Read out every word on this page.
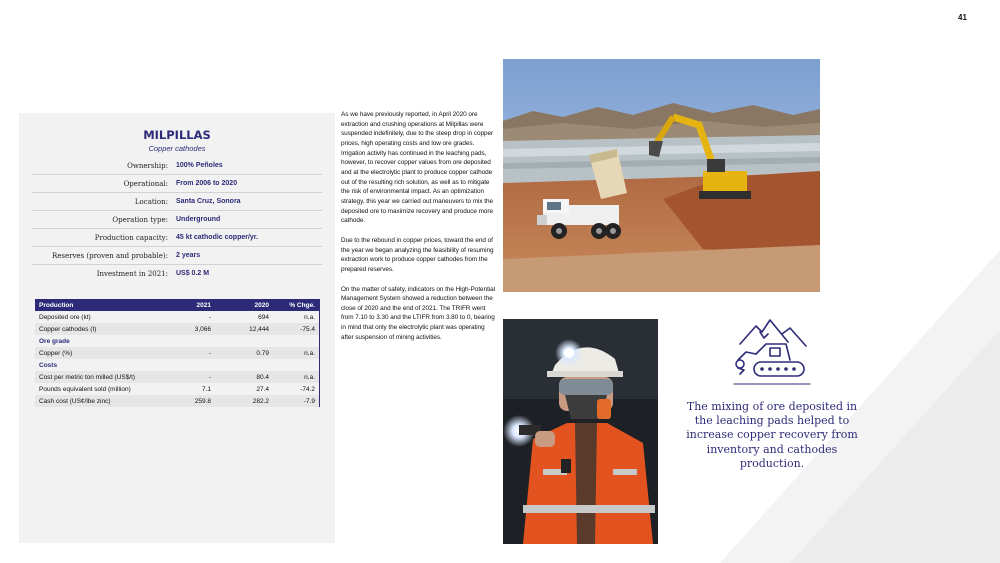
41
MILPILLAS
Copper cathodes
Ownership:	100% Peñoles
Operational:	From 2006 to 2020
Location:	Santa Cruz, Sonora
Operation type:	Underground
Production capacity:	45 kt cathodic copper/yr.
Reserves (proven and probable):	2 years
Investment in 2021:	US$ 0.2 M
Production	2021	2020	% Chge.
Deposited ore (kt)	-	694	n.a.
Copper cathodes (t)	3,066	12,444	-75.4
Ore grade
Copper (%)	-	0.79	n.a.
Costs
Cost per metric ton milled (US$/t)	-	80.4	n.a.
Pounds equivalent sold (million)	7.1	27.4	-74.2
Cash cost (US¢/lbe zinc)	259.8	282.2	-7.9

As we have previously reported, in April 2020 ore extraction and crushing operations at Milpillas were suspended indefinitely, due to the steep drop in copper prices, high operating costs and low ore grades. Irrigation activity has continued in the leaching pads, however, to recover copper values from ore deposited and at the electrolytic plant to produce copper cathode out of the resulting rich solution, as well as to mitigate the risk of environmental impact. As an optimization strategy, this year we carried out maneuvers to mix the deposited ore to maximize recovery and produce more cathode.

Due to the rebound in copper prices, toward the end of the year we began analyzing the feasibility of resuming extraction work to produce copper cathodes from the prepared reserves.

On the matter of safety, indicators on the High-Potential Management System showed a reduction between the close of 2020 and the end of 2021. The TRIFR went from 7.10 to 3.30 and the LTIFR from 3.80 to 0, bearing in mind that only the electrolytic plant was operating after suspension of mining activities.

The mixing of ore deposited in the leaching pads helped to increase copper recovery from inventory and cathodes production.
